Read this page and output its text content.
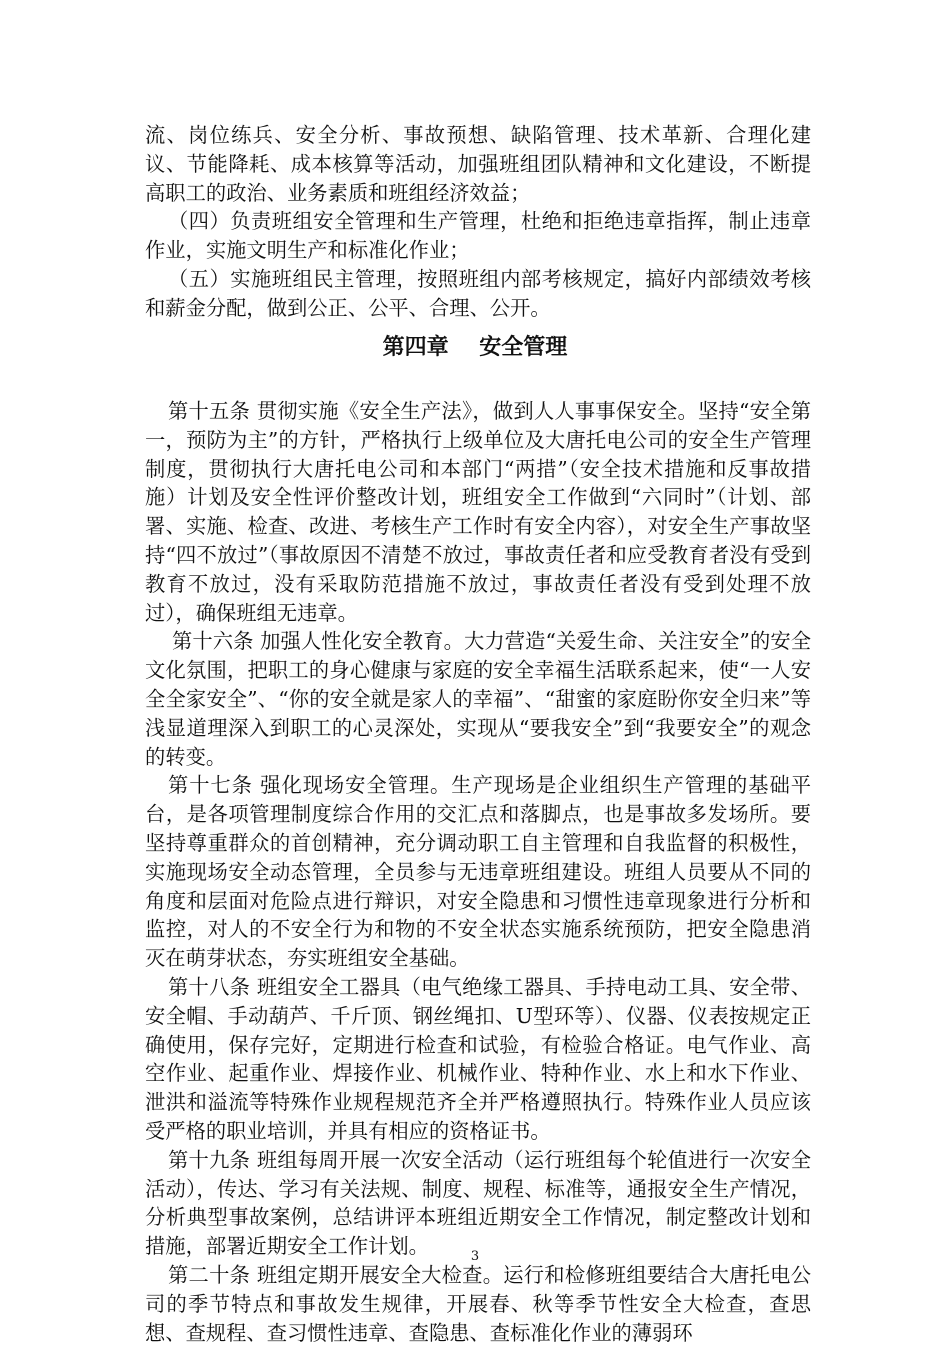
流、岗位练兵、安全分析、事故预想、缺陷管理、技术革新、合理化建议、节能降耗、成本核算等活动，加强班组团队精神和文化建设，不断提高职工的政治、业务素质和班组经济效益；

（四）负责班组安全管理和生产管理，杜绝和拒绝违章指挥，制止违章作业，实施文明生产和标准化作业；

（五）实施班组民主管理，按照班组内部考核规定，搞好内部绩效考核和薪金分配，做到公正、公平、合理、公开。

第四章    安全管理

第十五条 贯彻实施《安全生产法》，做到人人事事保安全。坚持“安全第一，预防为主”的方针，严格执行上级单位及大唐托电公司的安全生产管理制度，贯彻执行大唐托电公司和本部门“两措”（安全技术措施和反事故措施）计划及安全性评价整改计划，班组安全工作做到“六同时”（计划、部署、实施、检查、改进、考核生产工作时有安全内容），对安全生产事故坚持“四不放过”（事故原因不清楚不放过，事故责任者和应受教育者没有受到教育不放过，没有采取防范措施不放过，事故责任者没有受到处理不放过），确保班组无违章。

第十六条 加强人性化安全教育。大力营造“关爱生命、关注安全”的安全文化氛围，把职工的身心健康与家庭的安全幸福生活联系起来，使“一人安全全家安全”、“你的安全就是家人的幸福”、“甜蜜的家庭盼你安全归来”等浅显道理深入到职工的心灵深处，实现从“要我安全”到“我要安全”的观念的转变。

第十七条 强化现场安全管理。生产现场是企业组织生产管理的基础平台，是各项管理制度综合作用的交汇点和落脚点，也是事故多发场所。要坚持尊重群众的首创精神，充分调动职工自主管理和自我监督的积极性，实施现场安全动态管理，全员参与无违章班组建设。班组人员要从不同的角度和层面对危险点进行辩识，对安全隐患和习惯性违章现象进行分析和监控，对人的不安全行为和物的不安全状态实施系统预防，把安全隐患消灭在萌芽状态，夯实班组安全基础。

第十八条 班组安全工器具（电气绝缘工器具、手持电动工具、安全带、安全帽、手动葫芦、千斤顶、钢丝绳扣、U型环等）、仪器、仪表按规定正确使用，保存完好，定期进行检查和试验，有检验合格证。电气作业、高空作业、起重作业、焊接作业、机械作业、特种作业、水上和水下作业、泄洪和溢流等特殊作业规程规范齐全并严格遵照执行。特殊作业人员应该受严格的职业培训，并具有相应的资格证书。

第十九条 班组每周开展一次安全活动（运行班组每个轮值进行一次安全活动），传达、学习有关法规、制度、规程、标准等，通报安全生产情况，分析典型事故案例，总结讲评本班组近期安全工作情况，制定整改计划和措施，部署近期安全工作计划。

第二十条 班组定期开展安全大检查。运行和检修班组要结合大唐托电公司的季节特点和事故发生规律，开展春、秋等季节性安全大检查，查思想、查规程、查习惯性违章、查隐患、查标准化作业的薄弱环

3
